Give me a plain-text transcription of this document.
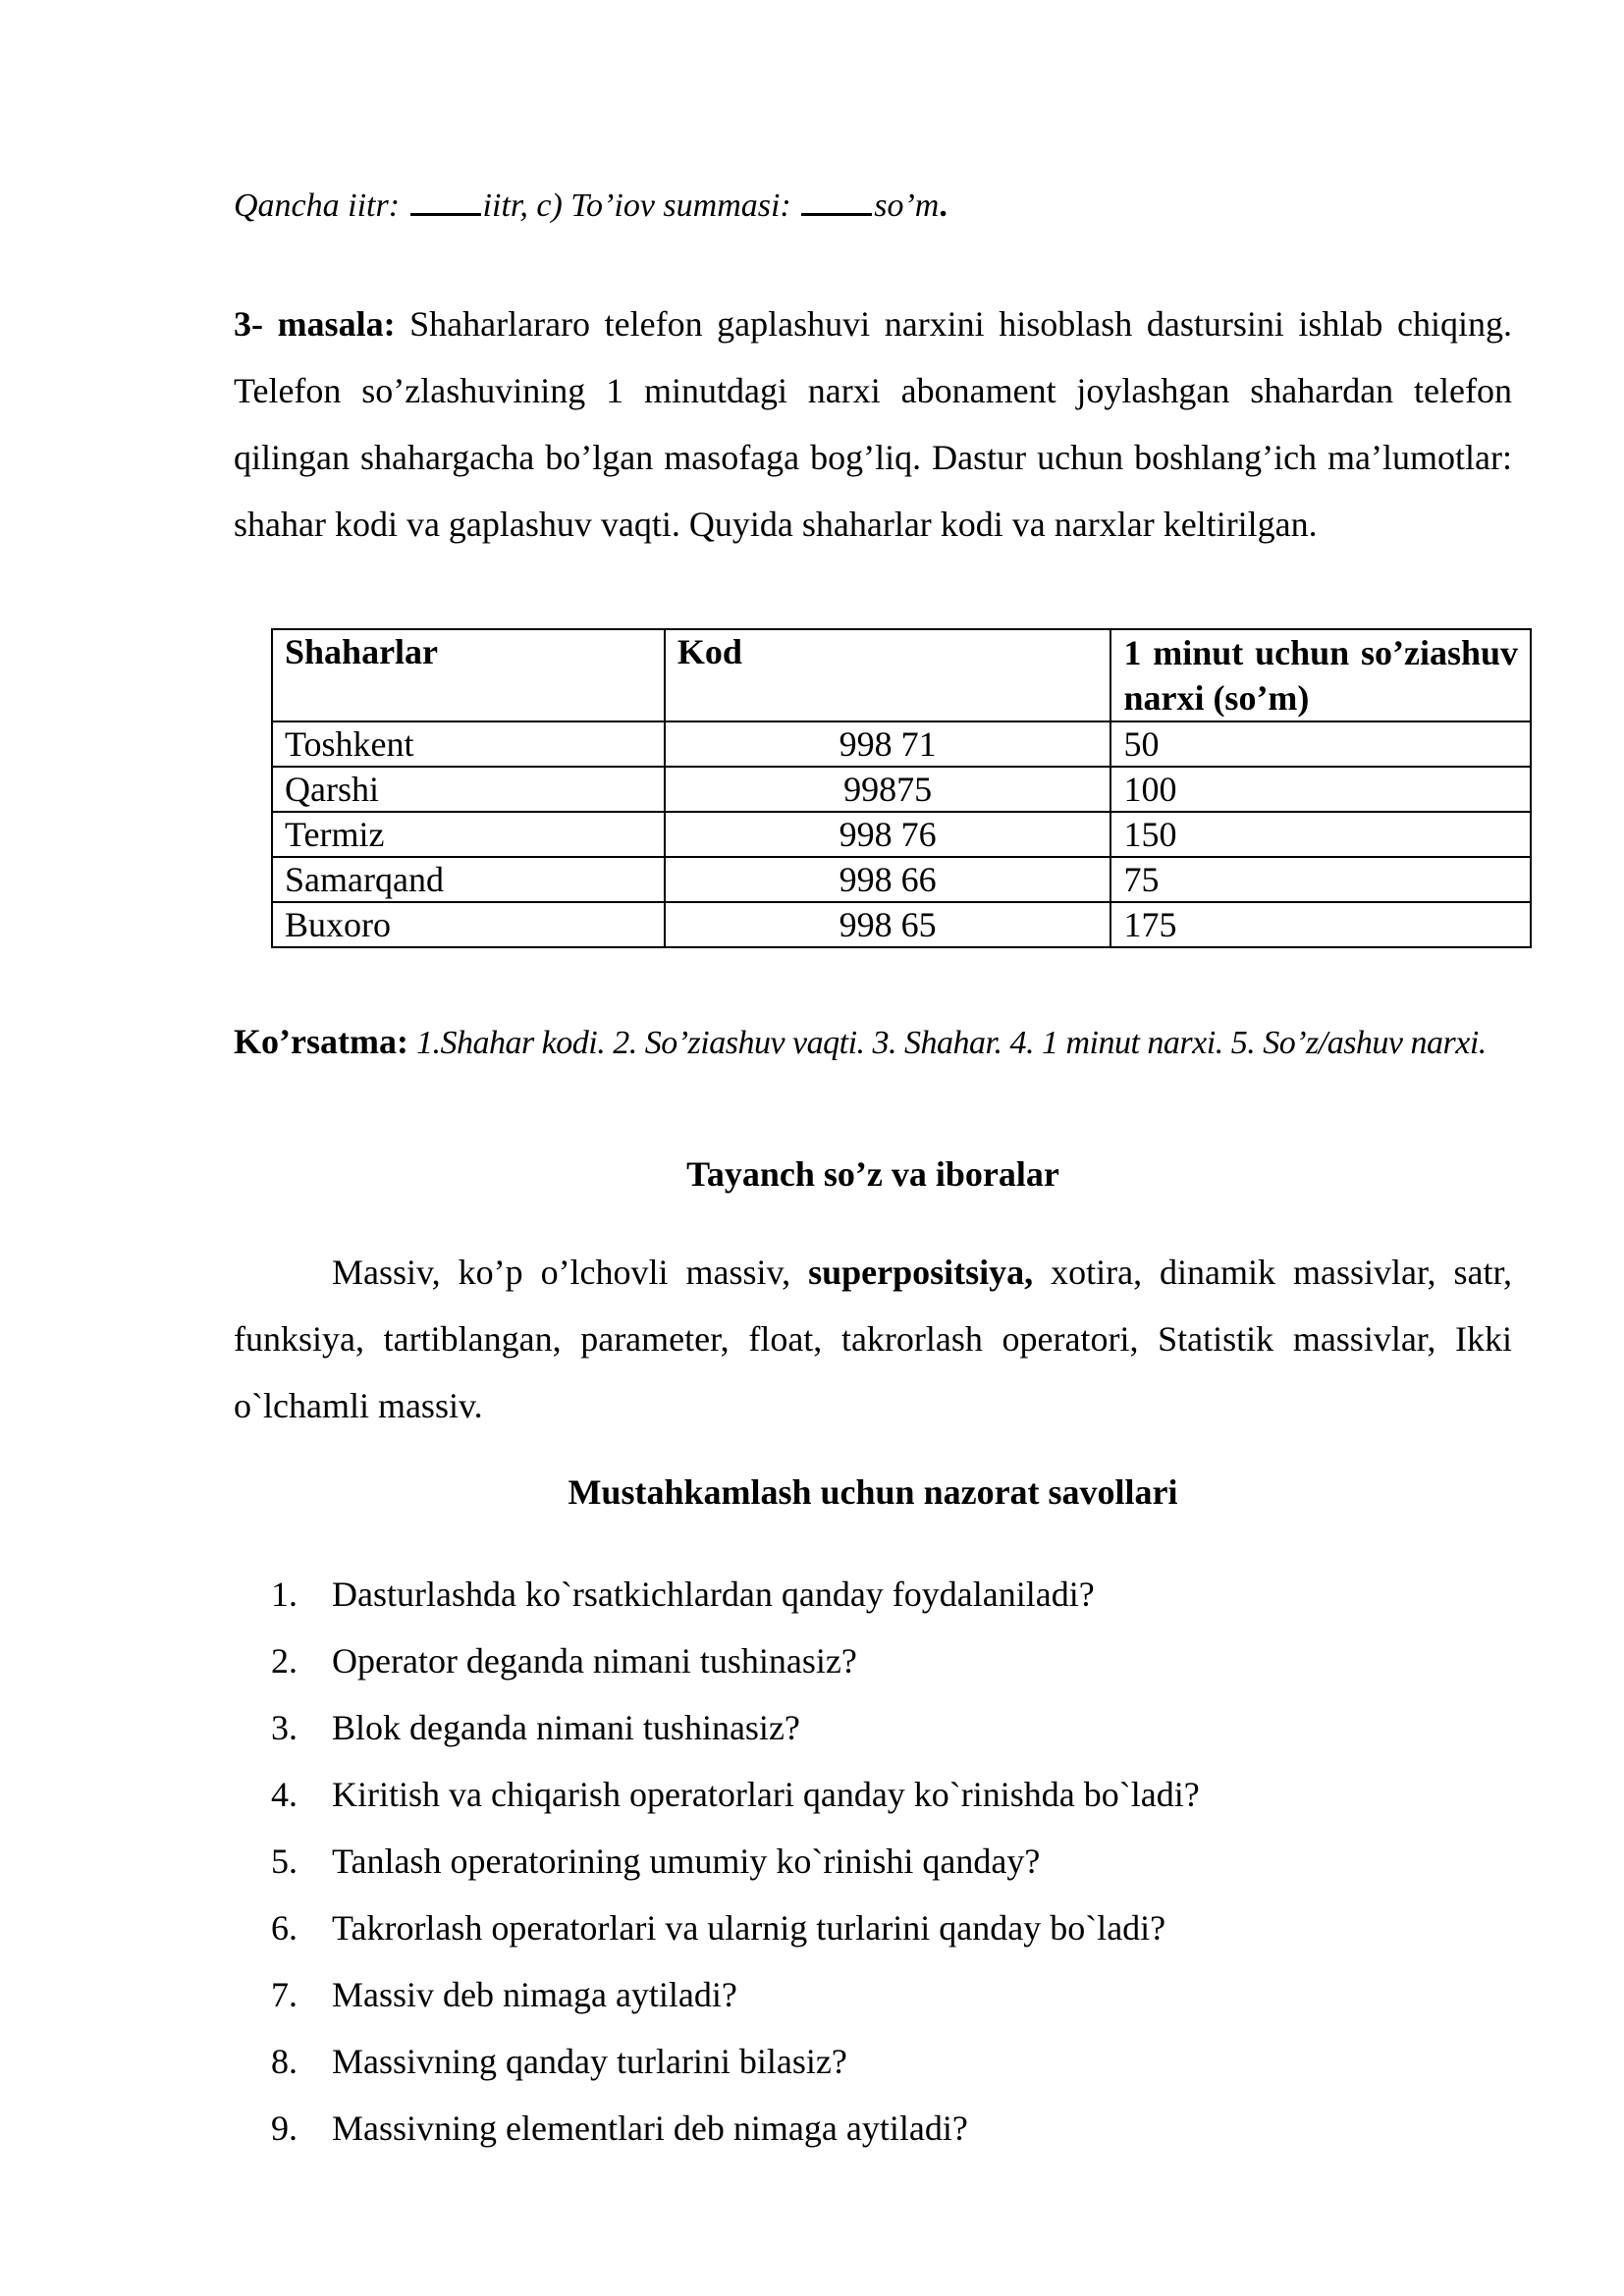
Qancha iitr: iitr, c) To’iov summasi: so’m.
3- masala: Shaharlararo telefon gaplashuvi narxini hisoblash dastursini ishlab chiqing. Telefon so’zlashuvining 1 minutdagi narxi abonament joylashgan shahardan telefon qilingan shahargacha bo’lgan masofaga bog’liq. Dastur uchun boshlang’ich ma’lumotlar: shahar kodi va gaplashuv vaqti. Quyida shaharlar kodi va narxlar keltirilgan.
Shaharlar	Kod	1 minut uchun so’ziashuv narxi (so’m)
Toshkent	998 71	50
Qarshi	99875	100
Termiz	998 76	150
Samarqand	998 66	75
Buxoro	998 65	175
Ko’rsatma: 1.Shahar kodi. 2. So’ziashuv vaqti. 3. Shahar. 4. 1 minut narxi. 5. So’z/ashuv narxi.
Tayanch so’z va iboralar
Massiv, ko’p o’lchovli massiv, superpositsiya, xotira, dinamik massivlar, satr, funksiya, tartiblangan, parameter, float, takrorlash operatori, Statistik massivlar, Ikki o`lchamli massiv.
Mustahkamlash uchun nazorat savollari
1. Dasturlashda ko`rsatkichlardan qanday foydalaniladi?
2. Operator deganda nimani tushinasiz?
3. Blok deganda nimani tushinasiz?
4. Kiritish va chiqarish operatorlari qanday ko`rinishda bo`ladi?
5. Tanlash operatorining umumiy ko`rinishi qanday?
6. Takrorlash operatorlari va ularnig turlarini qanday bo`ladi?
7. Massiv deb nimaga aytiladi?
8. Massivning qanday turlarini bilasiz?
9. Massivning elementlari deb nimaga aytiladi?
